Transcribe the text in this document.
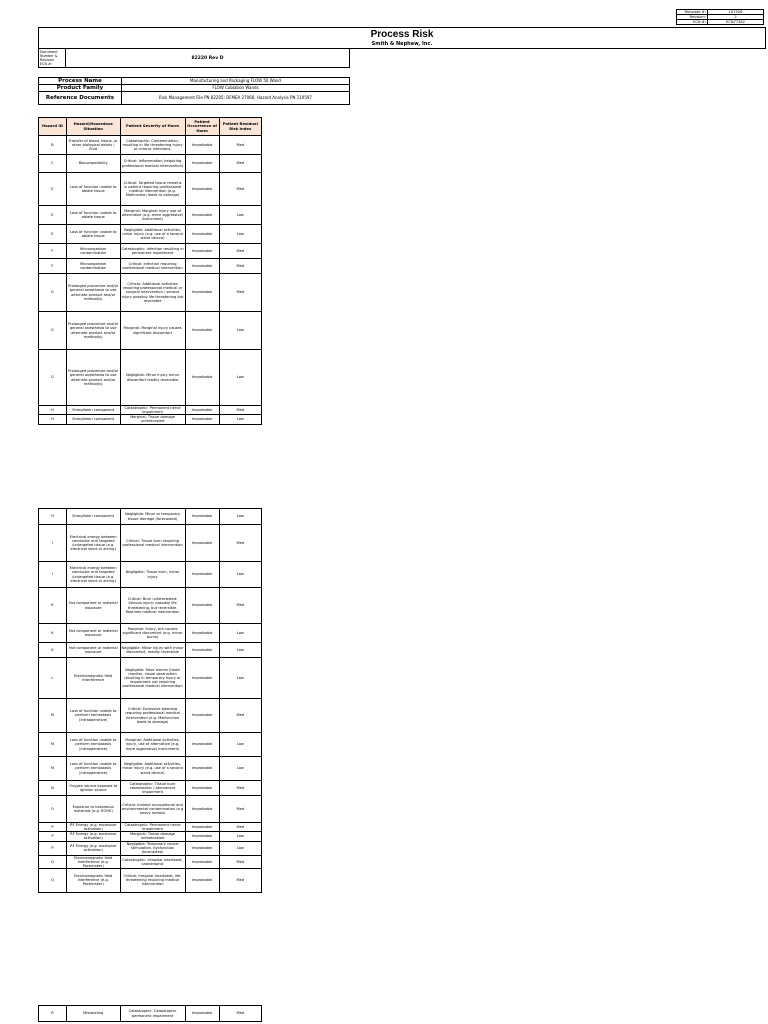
Template #:	107328
Revision:	2
ECN #:	ECN77382
Process Risk
Smith & Nephew, Inc.
Document
Number &
Revision
ECN #:
	82220 Rev D
Process Name	Manufacturing and Packaging FLOW 50 Wand
Product Family	FLOW Coblation Wands
Reference Documents	Risk Management File PN 82205; DFMEA 27066; Hazard Analysis PN 110597
Hazard ID	Hazard/Hazardous Situation	Patient Severity of Harm	Patient Occurrence of Harm	Patient Residual Risk Index
B	Transfer of blood, tissue, or other biological debris / fluid	Catastrophic: Contamination, resulting in life threatening injury or chronic infections.	Improbable	Med
C	Biocompatibility	Critical: Inflammation (requiring professional medical intervention)	Improbable	Med
E	Loss of function unable to ablate tissue	Critical: Targeted tissue remains in patient requiring professional medical intervention (e.g. Malfunction leads to damage)	Improbable	Med
E	Loss of function unable to ablate tissue	Marginal: Marginal injury use of alternative (e.g. more aggressive) instrument)	Improbable	Low
E	Loss of function unable to ablate tissue	Negligible: Additional activities, minor injury (e.g. use of a second wand device)	Improbable	Low
F	Microorganism contamination	Catastrophic: Infection resulting in permanent impairment	Improbable	Med
F	Microorganism contamination	Critical: Infection requiring professional medical intervention	Improbable	Med
G	Prolonged procedure and/or general anesthesia to use alternate product and/or method(s)	Critical: Additional activities requiring professional medical or surgical intervention / serious injury possibly life threatening but reversible	Improbable	Med
G	Prolonged procedure and/or general anesthesia to use alternate product and/or method(s)	Marginal: Marginal injury causes significant discomfort	Improbable	Low
G	Prolonged procedure and/or general anesthesia to use alternate product and/or method(s)	Negligible: Minor injury minor discomfort readily reversible	Improbable	Low
H	Sharp/keen component	Catastrophic: Permanent nerve impairment	Improbable	Med
H	Sharp/keen component	Marginal: Tissue damage unforecasted	Improbable	Low
H	Sharp/keen component	Negligible: Minor or temporary tissue damage (forecasted)	Improbable	Low
I	Electrical energy between conductor and targeted /untargeted tissue (e.g. electrical short or arcing)	Critical: Tissue burn requiring professional medical intervention	Improbable	Med
I	Electrical energy between conductor and targeted /untargeted tissue (e.g. electrical short or arcing)	Negligible: Tissue burn, minor injury	Improbable	Low
K	Hot component or material exposure	Critical: Burn unforecasted: Serious injury; possibly life threatening, but reversible. Requires medical intervention	Improbable	Med
K	Hot component or material exposure	Marginal: Injury, but causes significant discomfort (e.g. minor burns)	Improbable	Low
K	Hot component or material exposure	Negligible: Minor injury with minor discomfort, readily reversible	Improbable	Low
L	Electromagnetic field interference	Negligible: False alarms (heart monitor, visual obstruction resulting in temporary injury or impairment not requiring professional medical intervention	Improbable	Low
M	Loss of function unable to perform hemostasis (intraoperative)	Critical: Excessive bleeding requiring professional medical intervention (e.g. Malfunction leads to damage)	Improbable	Med
M	Loss of function unable to perform hemostasis (intraoperative)	Marginal: Additional activities, injury, use of alternative (e.g. more aggressive) instrument)	Improbable	Low
M	Loss of function unable to perform hemostasis (intraoperative)	Negligible: Additional activities, minor injury (e.g. use of a second wand device)	Improbable	Low
N	Oxygen source exposed to ignition source	Catastrophic: Tissue burn catastrophic / permanent impairment	Improbable	Med
O	Exposure to hazardous materials (e.g. ROHS)	Critical: Indirect occupational and environmental contamination (e.g heavy metals)	Improbable	Med
P	RF Energy (e.g. excessive activation)	Catastrophic: Permanent nerve impairment	Improbable	Med
P	RF Energy (e.g. excessive activation)	Marginal: Tissue damage unforecasted	Improbable	Low
P	RF Energy (e.g. excessive activation)	Negligible: Temporary neural stimulation, dysfunction (forecasted)	Improbable	Low
Q	Electromagnetic field interference (e.g. Pacemaker)	Catastrophic: Irregular heartbeat, catastrophic	Improbable	Med
Q	Electromagnetic field interference (e.g. Pacemaker)	Critical: Irregular heartbeat, life-threatening requiring medical intervention	Improbable	Med
R	Mislabeling	Catastrophic: Catastrophic permanent impairment	Improbable	Med
